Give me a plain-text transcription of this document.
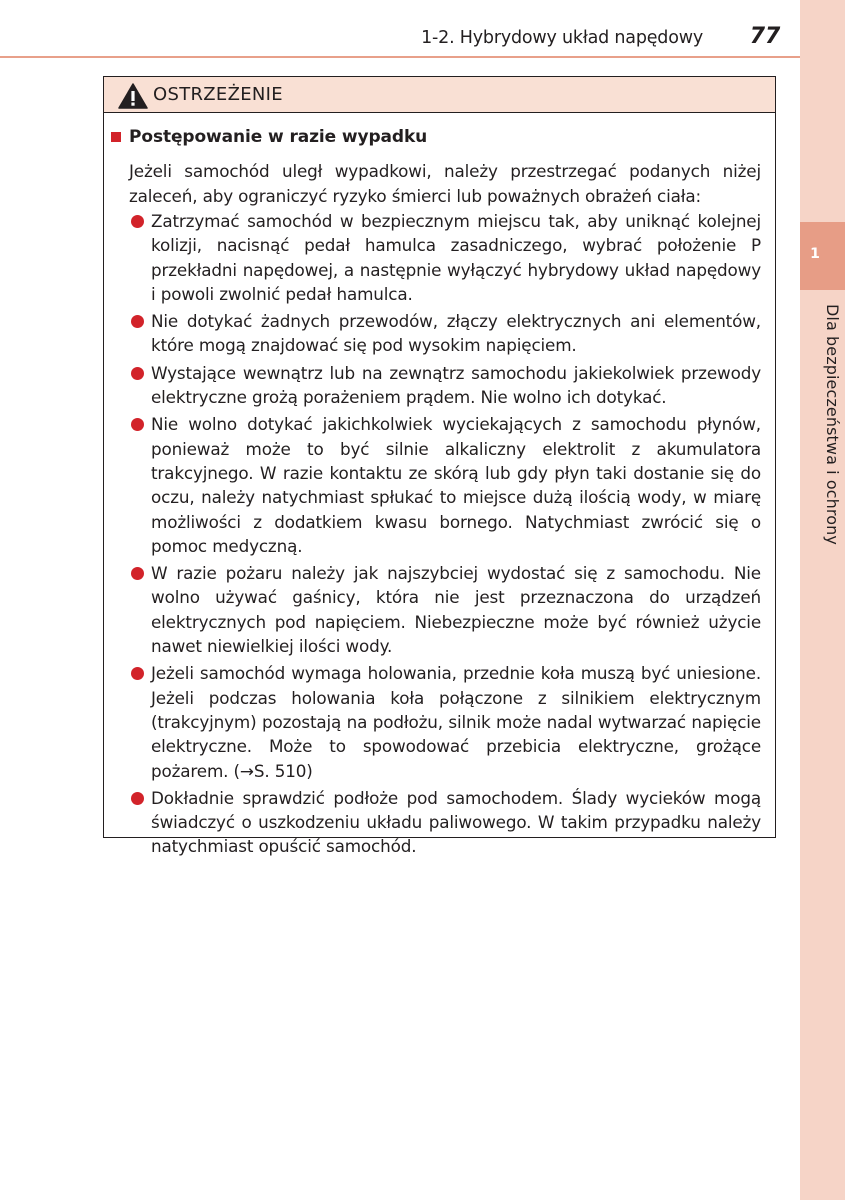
1-2. Hybrydowy układ napędowy	77
1
Dla bezpieczeństwa i ochrony
OSTRZEŻENIE
Postępowanie w razie wypadku
Jeżeli samochód uległ wypadkowi, należy przestrzegać podanych niżej zaleceń, aby ograniczyć ryzyko śmierci lub poważnych obrażeń ciała:
Zatrzymać samochód w bezpiecznym miejscu tak, aby uniknąć kolejnej kolizji, nacisnąć pedał hamulca zasadniczego, wybrać położenie P przekładni napędowej, a następnie wyłączyć hybrydowy układ napędowy i powoli zwolnić pedał hamulca.
Nie dotykać żadnych przewodów, złączy elektrycznych ani elementów, które mogą znajdować się pod wysokim napięciem.
Wystające wewnątrz lub na zewnątrz samochodu jakiekolwiek przewody elektryczne grożą porażeniem prądem. Nie wolno ich dotykać.
Nie wolno dotykać jakichkolwiek wyciekających z samochodu płynów, ponieważ może to być silnie alkaliczny elektrolit z akumulatora trakcyjnego. W razie kontaktu ze skórą lub gdy płyn taki dostanie się do oczu, należy natychmiast spłukać to miejsce dużą ilością wody, w miarę możliwości z dodatkiem kwasu bornego. Natychmiast zwrócić się o pomoc medyczną.
W razie pożaru należy jak najszybciej wydostać się z samochodu. Nie wolno używać gaśnicy, która nie jest przeznaczona do urządzeń elektrycznych pod napięciem. Niebezpieczne może być również użycie nawet niewielkiej ilości wody.
Jeżeli samochód wymaga holowania, przednie koła muszą być uniesione. Jeżeli podczas holowania koła połączone z silnikiem elektrycznym (trakcyjnym) pozostają na podłożu, silnik może nadal wytwarzać napięcie elektryczne. Może to spowodować przebicia elektryczne, grożące pożarem. (→S. 510)
Dokładnie sprawdzić podłoże pod samochodem. Ślady wycieków mogą świadczyć o uszkodzeniu układu paliwowego. W takim przypadku należy natychmiast opuścić samochód.
